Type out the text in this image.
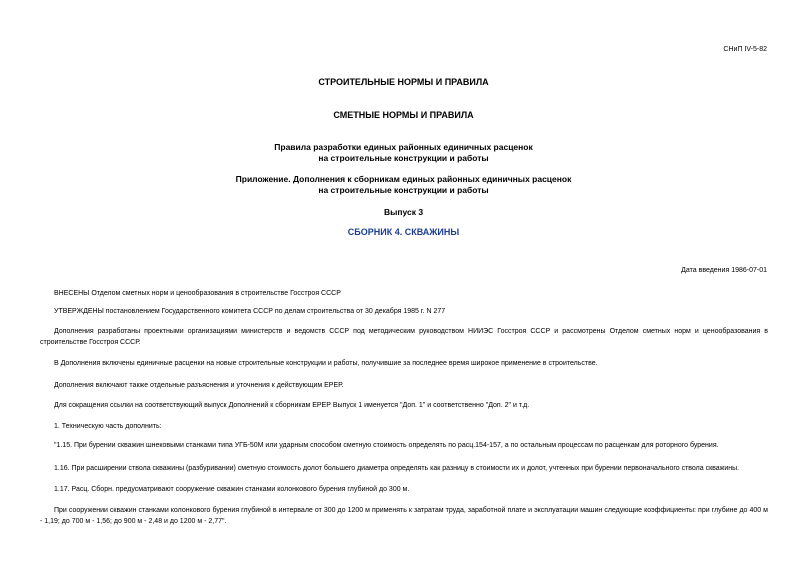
СНиП IV-5-82
СТРОИТЕЛЬНЫЕ НОРМЫ И ПРАВИЛА
СМЕТНЫЕ НОРМЫ И ПРАВИЛА
Правила разработки единых районных единичных расценок
на строительные конструкции и работы
Приложение. Дополнения к сборникам единых районных единичных расценок
на строительные конструкции и работы
Выпуск 3
СБОРНИК 4. СКВАЖИНЫ
Дата введения 1986-07-01
ВНЕСЕНЫ Отделом сметных норм и ценообразования в строительстве Госстроя СССР
УТВЕРЖДЕНЫ постановлением Государственного комитета СССР по делам строительства от 30 декабря 1985 г. N 277
Дополнения разработаны проектными организациями министерств и ведомств СССР под методическим руководством НИИЭС Госстроя СССР и рассмотрены Отделом сметных норм и ценообразования в строительстве Госстроя СССР.
В Дополнения включены единичные расценки на новые строительные конструкции и работы, получившие за последнее время широкое применение в строительстве.
Дополнения включают также отдельные разъяснения и уточнения к действующим ЕРЕР.
Для сокращения ссылки на соответствующий выпуск Дополнений к сборникам ЕРЕР Выпуск 1 именуется "Доп. 1" и соответственно "Доп. 2" и т.д.
1. Техническую часть дополнить:
"1.15. При бурении скважин шнековыми станками типа УГБ-50М или ударным способом сметную стоимость определять по расц.154-157, а по остальным процессам по расценкам для роторного бурения.
1.16. При расширении ствола скважины (разбуривании) сметную стоимость долот большего диаметра определять как разницу в стоимости их и долот, учтенных при бурении первоначального ствола скважины.
1.17. Расц. Сборн. предусматривают сооружение скважин станками колонкового бурения глубиной до 300 м.
При сооружении скважин станками колонкового бурения глубиной в интервале от 300 до 1200 м применять к затратам труда, заработной плате и эксплуатации машин следующие коэффициенты: при глубине до 400 м - 1,19; до 700 м - 1,56; до 900 м - 2,48 и до 1200 м - 2,77".
